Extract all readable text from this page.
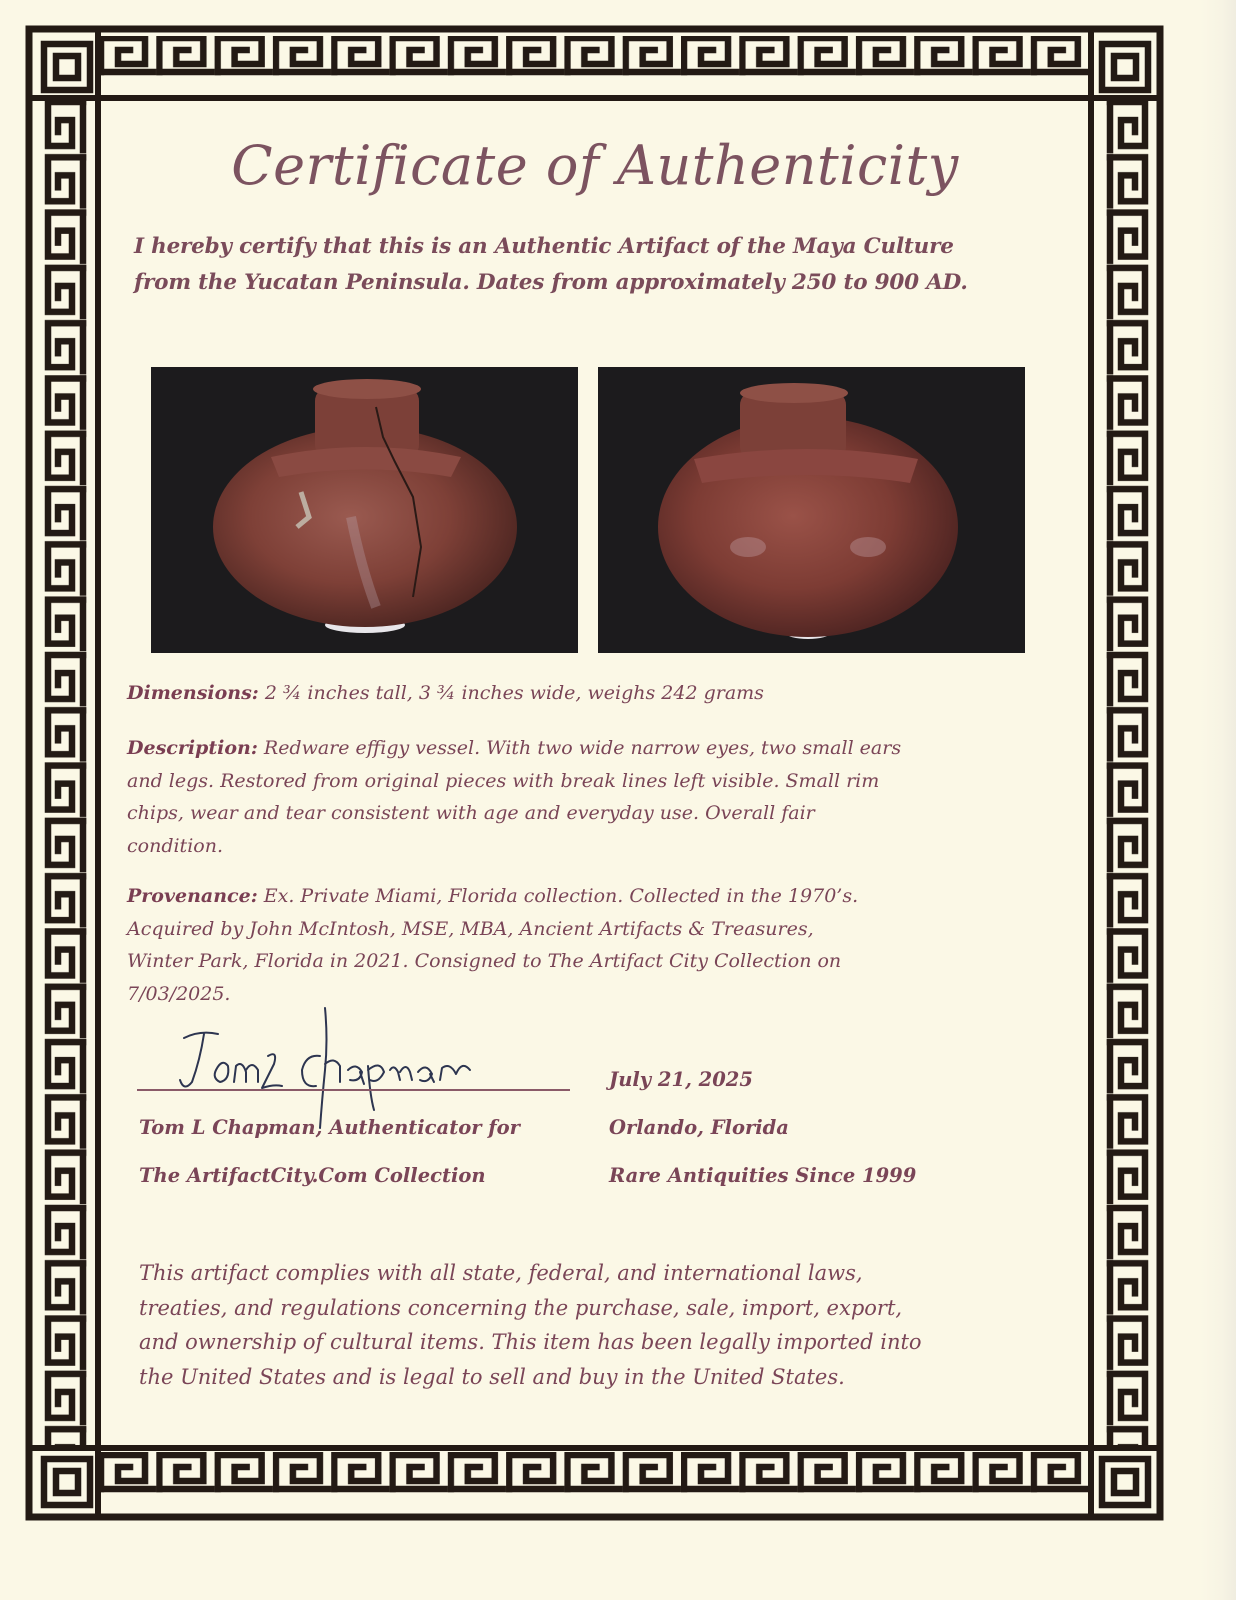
Certificate of Authenticity
I hereby certify that this is an Authentic Artifact of the Maya Culture
from the Yucatan Peninsula. Dates from approximately 250 to 900 AD.
Dimensions: 2 ¾ inches tall, 3 ¾ inches wide, weighs 242 grams
Description: Redware effigy vessel. With two wide narrow eyes, two small ears
and legs. Restored from original pieces with break lines left visible. Small rim
chips, wear and tear consistent with age and everyday use. Overall fair
condition.
Provenance: Ex. Private Miami, Florida collection. Collected in the 1970’s.
Acquired by John McIntosh, MSE, MBA, Ancient Artifacts & Treasures,
Winter Park, Florida in 2021. Consigned to The Artifact City Collection on
7/03/2025.
Tom L Chapman, Authenticator for
The ArtifactCity.Com Collection
July 21, 2025
Orlando, Florida
Rare Antiquities Since 1999
This artifact complies with all state, federal, and international laws,
treaties, and regulations concerning the purchase, sale, import, export,
and ownership of cultural items. This item has been legally imported into
the United States and is legal to sell and buy in the United States.
